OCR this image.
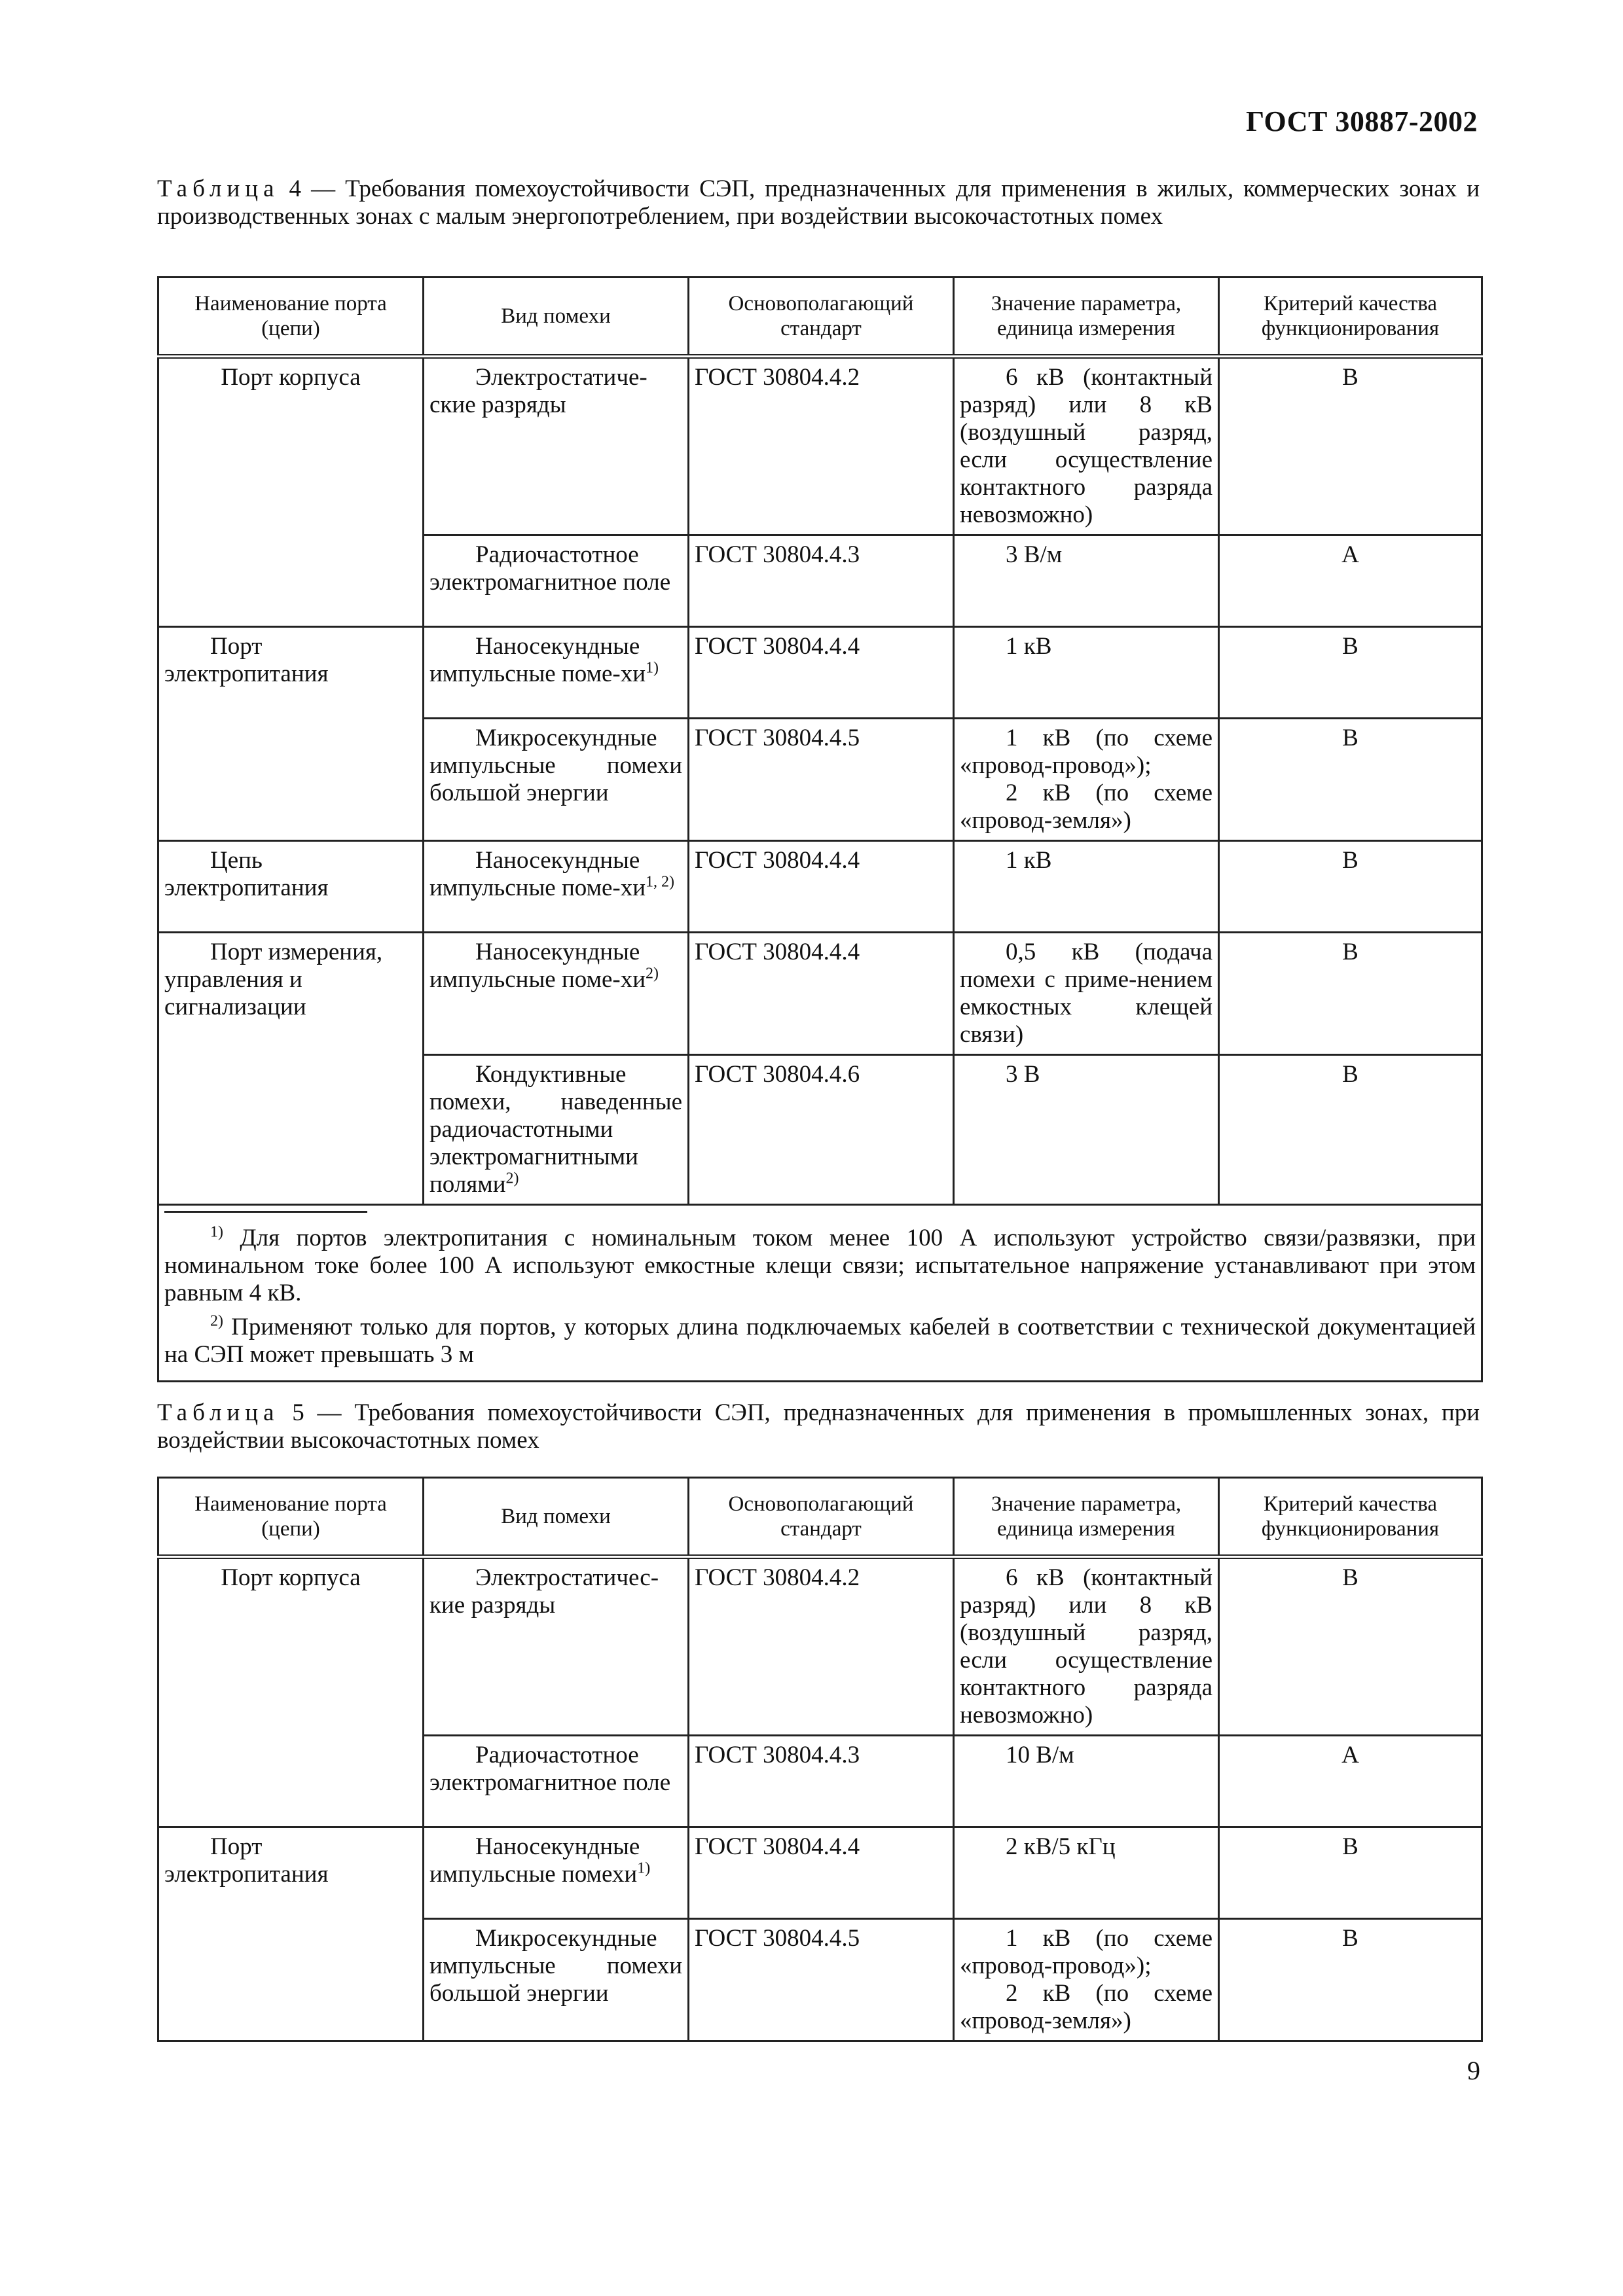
ГОСТ 30887-2002
Таблица 4 — Требования помехоустойчивости СЭП, предназначенных для применения в жилых, коммерческих зонах и производственных зонах с малым энергопотреблением, при воздействии высокочастотных помех
Наименование порта (цепи)	Вид помехи	Основополагающий стандарт	Значение параметра, единица измерения	Критерий качества функционирования
Порт корпуса	Электростатиче-ские разряды	ГОСТ 30804.4.2	6 кВ (контактный разряд) или 8 кВ (воздушный разряд, если осуществление контактного разряда невозможно)	В

	Радиочастотное электромагнитное поле	ГОСТ 30804.4.3	3 В/м	А

Порт электропитания	Наносекундные импульсные поме-$хи^{1)}$	ГОСТ 30804.4.4	1 кВ	В

	Микросекундные импульсные помехи большой энергии	ГОСТ 30804.4.5	1 кВ (по схеме «провод-провод»);
2 кВ (по схеме «провод-земля»)	В

Цепь электропитания	Наносекундные импульсные поме-хи$^{1, 2)}$	ГОСТ 30804.4.4	1 кВ	В

Порт измерения, управления и сигнализации	Наносекундные импульсные поме-$хи^{2)}$	ГОСТ 30804.4.4	0,5 кВ (подача помехи с приме-нением емкостных клещей связи)	В

	Кондуктивные помехи, наведенные радиочастотными электромагнитными полями$^{2)}$	ГОСТ 30804.4.6	3 В	В

$^{1)}$ Для портов электропитания с номинальным током менее 100 А используют устройство связи/развязки, при номинальном токе более 100 А используют емкостные клещи связи; испытательное напряжение устанавливают при этом равным 4 кВ.

$^{2)}$ Применяют только для портов, у которых длина подключаемых кабелей в соответствии с технической документацией на СЭП может превышать 3 м				

Таблица 5 — Требования помехоустойчивости СЭП, предназначенных для применения в промышленных зонах, при воздействии высокочастотных помех
Наименование порта (цепи)	Вид помехи	Основополагающий стандарт	Значение параметра, единица измерения	Критерий качества функционирования
Порт корпуса	Электростатичес-кие разряды	ГОСТ 30804.4.2	6 кВ (контактный разряд) или 8 кВ (воздушный разряд, если осуществление контактного разряда невозможно)	В

	Радиочастотное электромагнитное поле	ГОСТ 30804.4.3	10 В/м	А

Порт электропитания	Наносекундные импульсные помехи$^{1)}$	ГОСТ 30804.4.4	2 кВ/5 кГц	В

	Микросекундные импульсные помехи большой энергии	ГОСТ 30804.4.5	1 кВ (по схеме «провод-провод»);
2 кВ (по схеме «провод-земля»)	В
9
